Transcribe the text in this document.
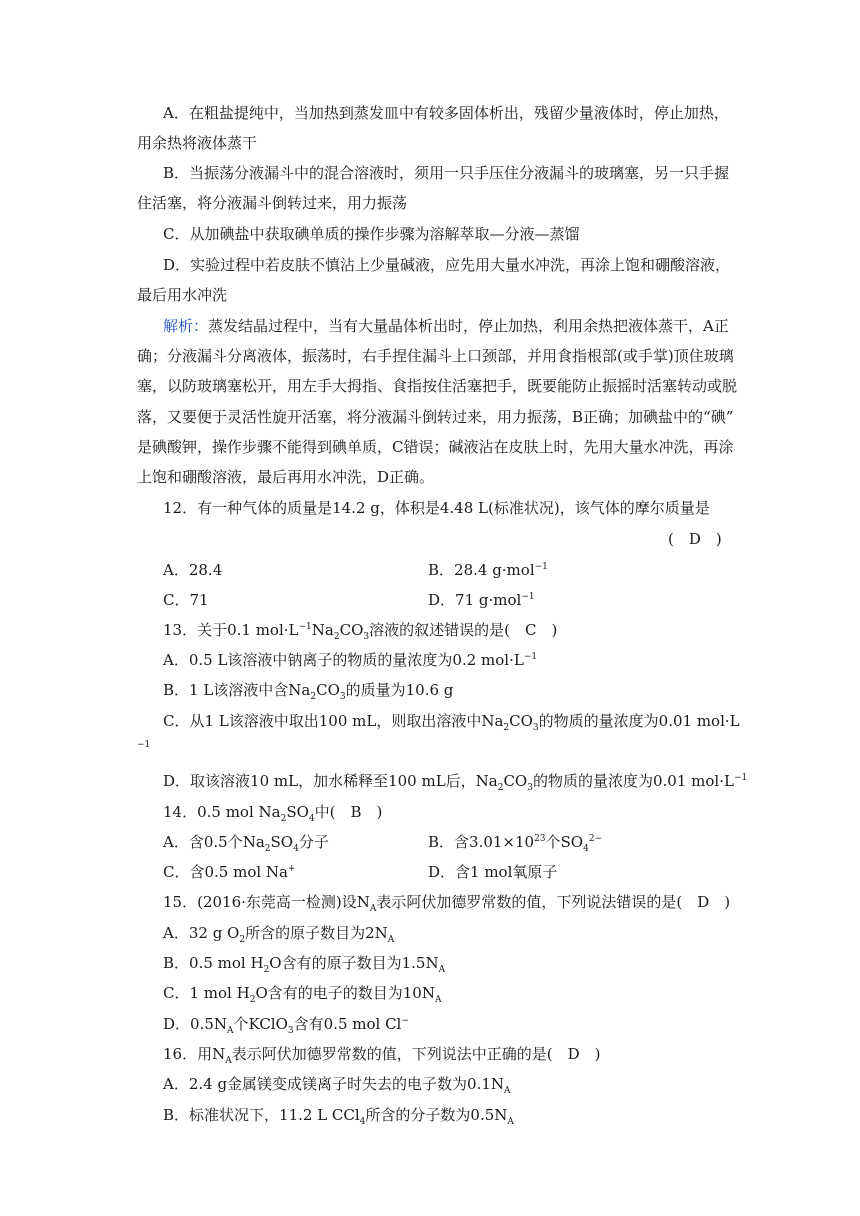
A．在粗盐提纯中，当加热到蒸发皿中有较多固体析出，残留少量液体时，停止加热，
用余热将液体蒸干
B．当振荡分液漏斗中的混合溶液时，须用一只手压住分液漏斗的玻璃塞，另一只手握
住活塞，将分液漏斗倒转过来，用力振荡
C．从加碘盐中获取碘单质的操作步骤为溶解萃取—分液—蒸馏
D．实验过程中若皮肤不慎沾上少量碱液，应先用大量水冲洗，再涂上饱和硼酸溶液，
最后用水冲洗
解析：蒸发结晶过程中，当有大量晶体析出时，停止加热，利用余热把液体蒸干，A正
确；分液漏斗分离液体，振荡时，右手捏住漏斗上口颈部，并用食指根部(或手掌)顶住玻璃
塞，以防玻璃塞松开，用左手大拇指、食指按住活塞把手，既要能防止振摇时活塞转动或脱
落，又要便于灵活性旋开活塞，将分液漏斗倒转过来，用力振荡，B正确；加碘盐中的“碘”
是碘酸钾，操作步骤不能得到碘单质，C错误；碱液沾在皮肤上时，先用大量水冲洗，再涂
上饱和硼酸溶液，最后再用水冲洗，D正确。
12．有一种气体的质量是14.2 g，体积是4.48 L(标准状况)，该气体的摩尔质量是
(　D　)
A．28.4	B．28.4 g·mol$^{-1}$
C．71	D．71 g·mol$^{-1}$
13．关于0.1 $mol\cdot L^{-1}Na_2CO_3$溶液的叙述错误的是(　C　)
A．0.5 L该溶液中钠离子的物质的量浓度为0.2 $mol\cdot L^{-1}$
B．1 L该溶液中含$Na_2CO_3$的质量为10.6 g
C．从1 L该溶液中取出100 mL，则取出溶液中$Na_2CO_3$的物质的量浓度为0.01 mol·L
−1
D．取该溶液10 mL，加水稀释至100 mL后，$Na_2CO_3$的物质的量浓度为0.01 $mol\cdot L^{-1}$
14．0.5 mol $Na_2SO_4$中(　B　)
A．含0.5个$Na_2SO_4$分子	B．含$3.01\times 10^{23}$个$SO_4^{2-}$
C．含0.5 mol Na+	D．含1 mol氧原子
15．(2016·东莞高一检测)设$N_A$表示阿伏加德罗常数的值，下列说法错误的是(　D　)
A．32 g $O_2$所含的原子数目为$2N_A$
B．0.5 mol $H_2O$含有的原子数目为$1.5N_A$
C．1 mol $H_2O$含有的电子的数目为$10N_A$
D．$0.5N_A$个KClO$_3$含有0.5 mol Cl−
16．用$N_A$表示阿伏加德罗常数的值，下列说法中正确的是(　D　)
A．2.4 g金属镁变成镁离子时失去的电子数为$0.1N_A$
B．标准状况下，11.2 L CCl$_4$所含的分子数为$0.5N_A$
